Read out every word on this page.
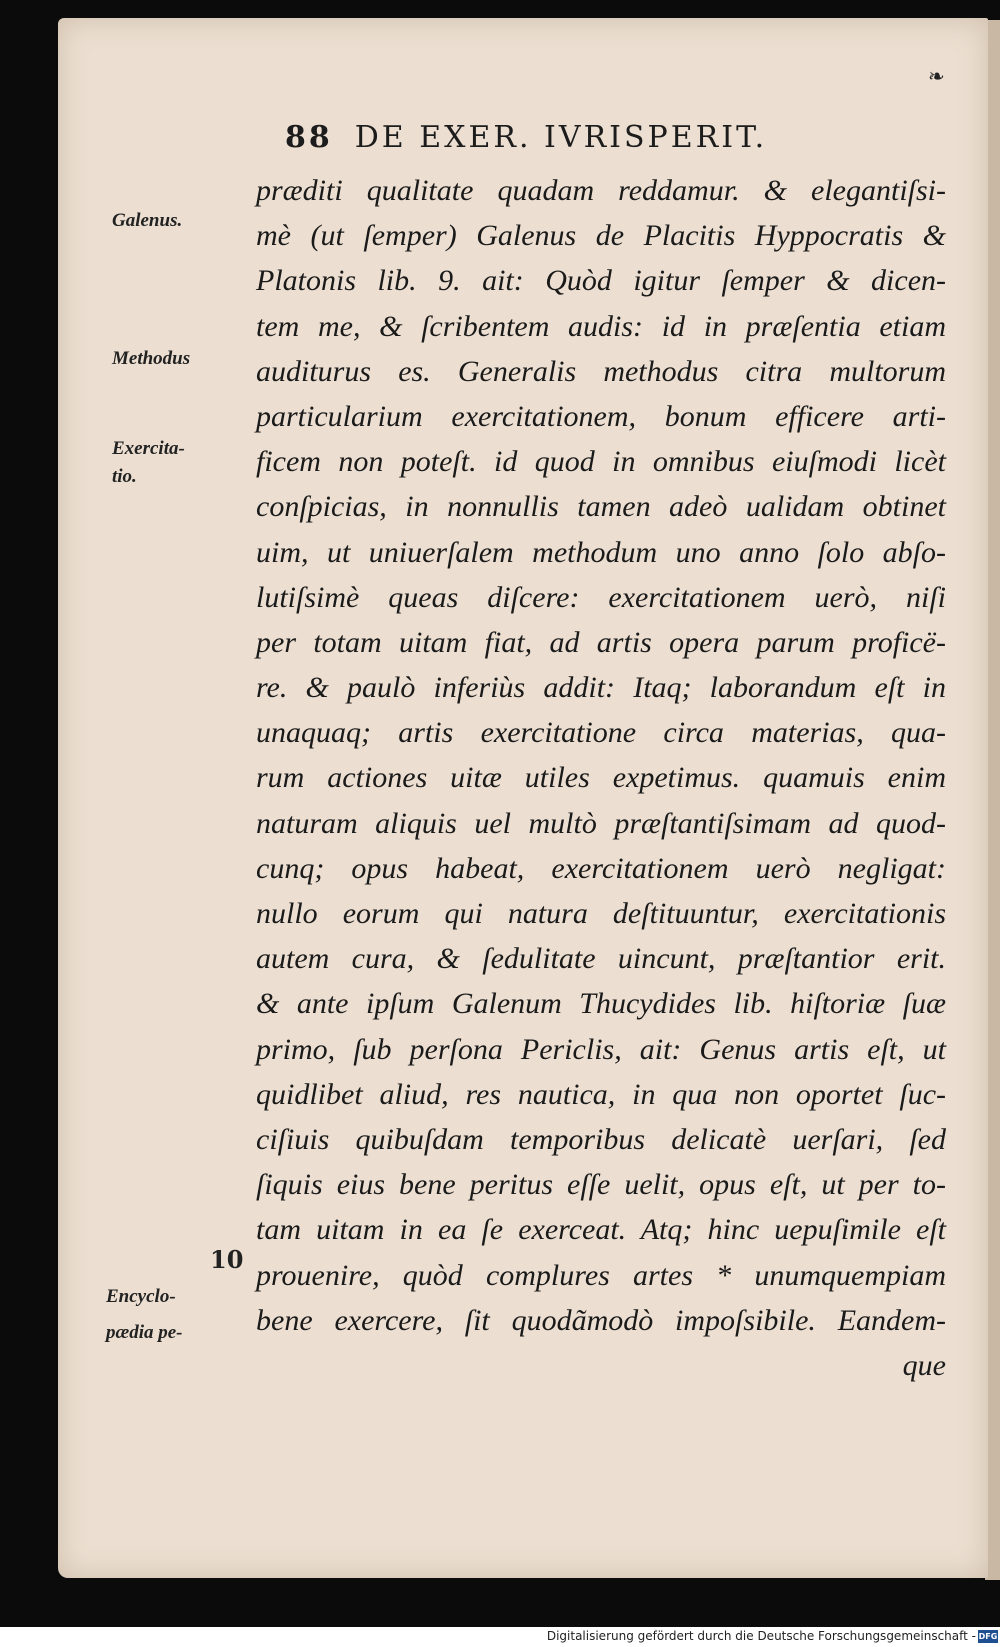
❧
88 DE EXER. IVRISPERIT.
Galenus.
Methodus
Exercita-
tio.
Encyclo-
pædia pe-
10
præditi qualitate quadam reddamur. & elegantiſsi-
mè (ut ſemper) Galenus de Placitis Hyppocratis &
Platonis lib. 9. ait: Quòd igitur ſemper & dicen-
tem me, & ſcribentem audis: id in præſentia etiam
auditurus es. Generalis methodus citra multorum
particularium exercitationem, bonum efficere arti-
ficem non poteſt. id quod in omnibus eiuſmodi licèt
conſpicias, in nonnullis tamen adeò ualidam obtinet
uim, ut uniuerſalem methodum uno anno ſolo abſo-
lutiſsimè queas diſcere: exercitationem uerò, niſi
per totam uitam fiat, ad artis opera parum proficë-
re. & paulò inferiùs addit: Itaq; laborandum eſt in
unaquaq; artis exercitatione circa materias, qua-
rum actiones uitæ utiles expetimus. quamuis enim
naturam aliquis uel multò præſtantiſsimam ad quod-
cunq; opus habeat, exercitationem uerò negligat:
nullo eorum qui natura deſtituuntur, exercitationis
autem cura, & ſedulitate uincunt, præſtantior erit.
& ante ipſum Galenum Thucydides lib. hiſtoriæ ſuæ
primo, ſub perſona Periclis, ait: Genus artis eſt, ut
quidlibet aliud, res nautica, in qua non oportet ſuc-
ciſiuis quibuſdam temporibus delicatè uerſari, ſed
ſiquis eius bene peritus eſſe uelit, opus eſt, ut per to-
tam uitam in ea ſe exerceat. Atq; hinc uериſimile eſt
prouenire, quòd complures artes * unumquempiam
bene exercere, ſit quodãmodò impoſsibile. Eandem-
que
Digitalisierung gefördert durch die Deutsche Forschungsgemeinschaft - DFG
